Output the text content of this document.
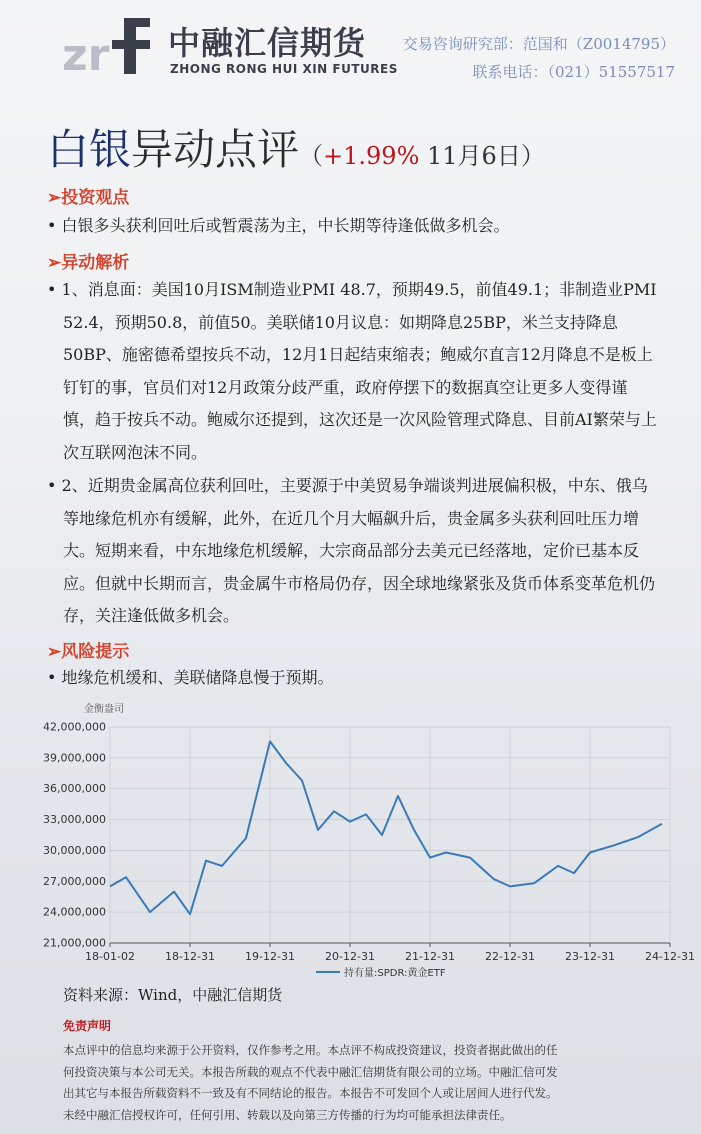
zr 中融汇信期货
ZHONG RONG HUI XIN FUTURES
交易咨询研究部：范国和（Z0014795）
联系电话：（021）51557517
白银异动点评（+1.99% 11月6日）
➢投资观点
• 白银多头获利回吐后或暂震荡为主，中长期等待逢低做多机会。
➢异动解析
• 1、消息面：美国10月ISM制造业PMI 48.7，预期49.5，前值49.1；非制造业PMI 52.4，预期50.8，前值50。美联储10月议息：如期降息25BP，米兰支持降息50BP、施密德希望按兵不动，12月1日起结束缩表；鲍威尔直言12月降息不是板上钉钉的事，官员们对12月政策分歧严重，政府停摆下的数据真空让更多人变得谨慎，趋于按兵不动。鲍威尔还提到，这次还是一次风险管理式降息、目前AI繁荣与上次互联网泡沫不同。
• 2、近期贵金属高位获利回吐，主要源于中美贸易争端谈判进展偏积极，中东、俄乌等地缘危机亦有缓解，此外，在近几个月大幅飙升后，贵金属多头获利回吐压力增大。短期来看，中东地缘危机缓解，大宗商品部分去美元已经落地，定价已基本反应。但就中长期而言，贵金属牛市格局仍存，因全球地缘紧张及货币体系变革危机仍存，关注逢低做多机会。
➢风险提示
• 地缘危机缓和、美联储降息慢于预期。
金衡盎司
42,000,000
39,000,000
36,000,000
33,000,000
30,000,000
27,000,000
24,000,000
21,000,000
18-01-02	18-12-31	19-12-31	20-12-31	21-12-31	22-12-31	23-12-31	24-12-31
持有量:SPDR:黄金ETF
资料来源：Wind，中融汇信期货
免责声明
本点评中的信息均来源于公开资料，仅作参考之用。本点评不构成投资建议，投资者据此做出的任
何投资决策与本公司无关。本报告所载的观点不代表中融汇信期货有限公司的立场。中融汇信可发
出其它与本报告所载资料不一致及有不同结论的报告。本报告不可发回个人或让居间人进行代发。
未经中融汇信授权许可，任何引用、转载以及向第三方传播的行为均可能承担法律责任。
